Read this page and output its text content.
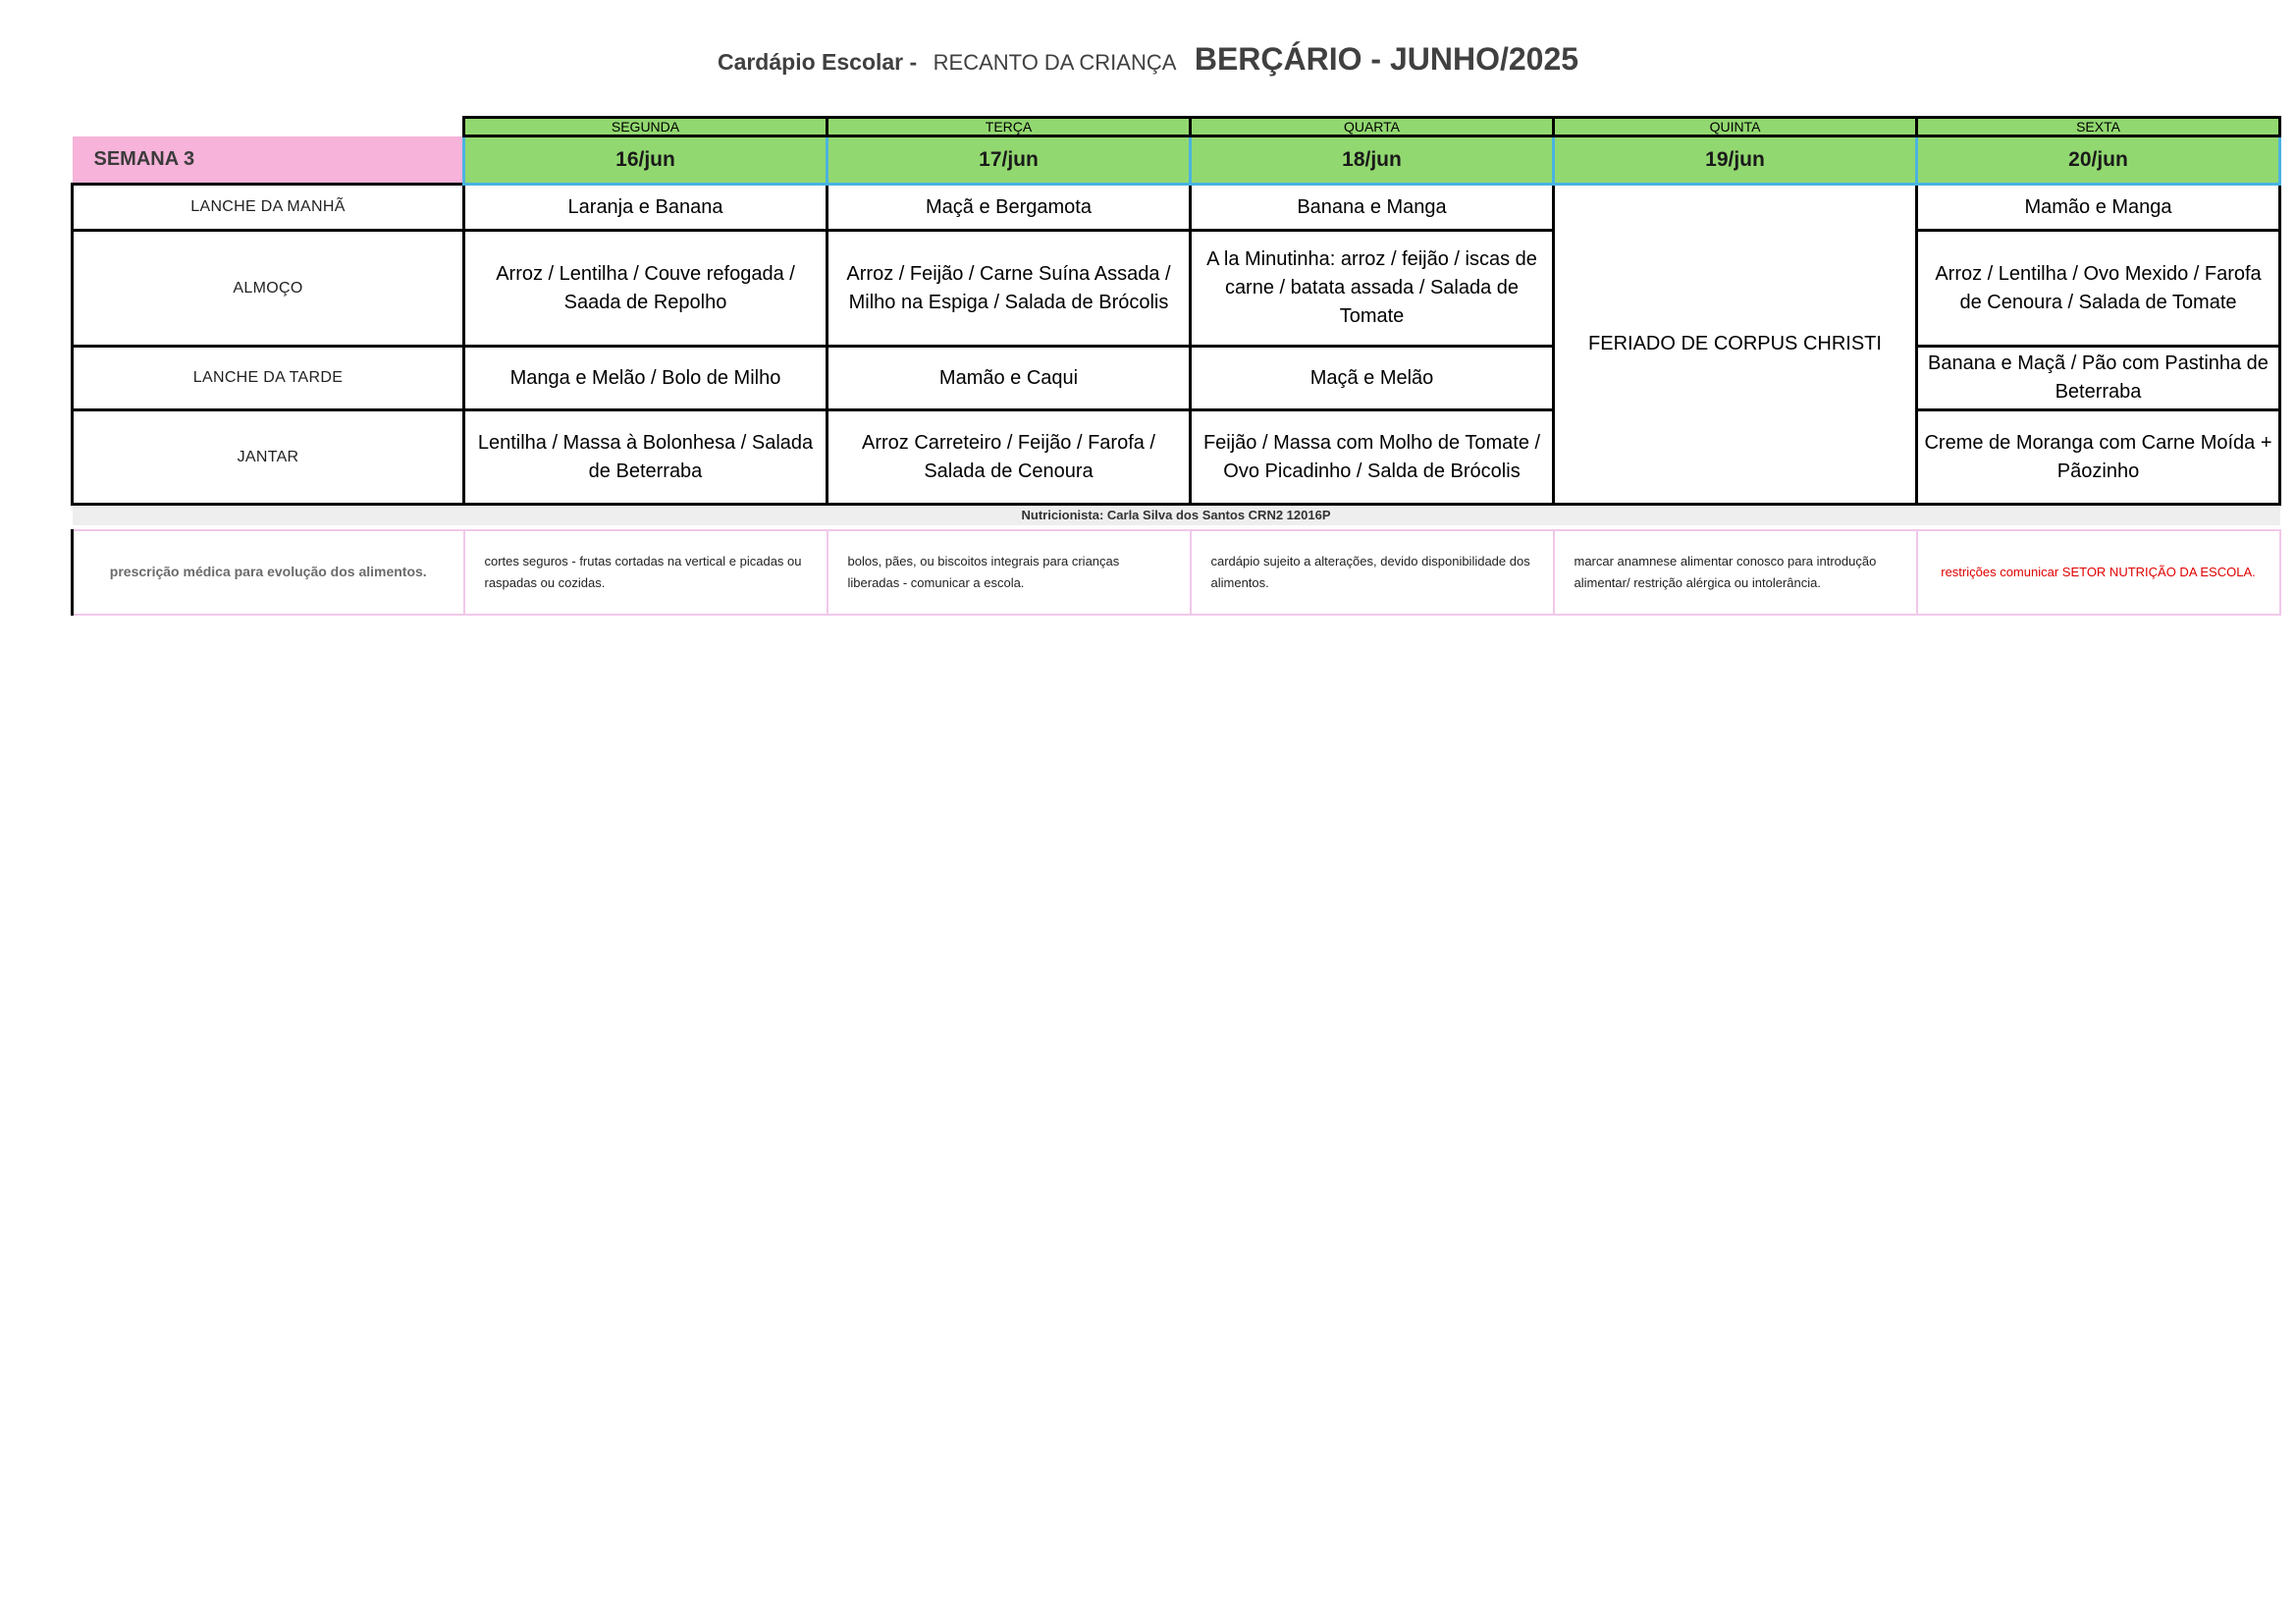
Cardápio Escolar - RECANTO DA CRIANÇA BERÇÁRIO - JUNHO/2025
	SEGUNDA	TERÇA	QUARTA	QUINTA	SEXTA
SEMANA 3	16/jun	17/jun	18/jun	19/jun	20/jun
LANCHE DA MANHÃ	Laranja e Banana	Maçã e Bergamota	Banana e Manga	FERIADO DE CORPUS CHRISTI	Mamão e Manga
ALMOÇO	Arroz / Lentilha / Couve refogada / Saada de Repolho	Arroz / Feijão / Carne Suína Assada / Milho na Espiga / Salada de Brócolis	A la Minutinha: arroz / feijão / iscas de carne / batata assada / Salada de Tomate		Arroz / Lentilha / Ovo Mexido / Farofa de Cenoura / Salada de Tomate
LANCHE DA TARDE	Manga e Melão / Bolo de Milho	Mamão e Caqui	Maçã e Melão		Banana e Maçã / Pão com Pastinha de Beterraba
JANTAR	Lentilha / Massa à Bolonhesa / Salada de Beterraba	Arroz Carreteiro / Feijão / Farofa / Salada de Cenoura	Feijão / Massa com Molho de Tomate / Ovo Picadinho / Salda de Brócolis		Creme de Moranga com Carne Moída + Pãozinho
Nutricionista: Carla Silva dos Santos CRN2 12016P					

prescrição médica para evolução dos alimentos.	cortes seguros - frutas cortadas na vertical e picadas ou raspadas ou cozidas.	bolos, pães, ou biscoitos integrais para crianças liberadas - comunicar a escola.	cardápio sujeito a alterações, devido disponibilidade dos alimentos.	marcar anamnese alimentar conosco para introdução alimentar/ restrição alérgica ou intolerância.	restrições comunicar SETOR NUTRIÇÃO DA ESCOLA.
